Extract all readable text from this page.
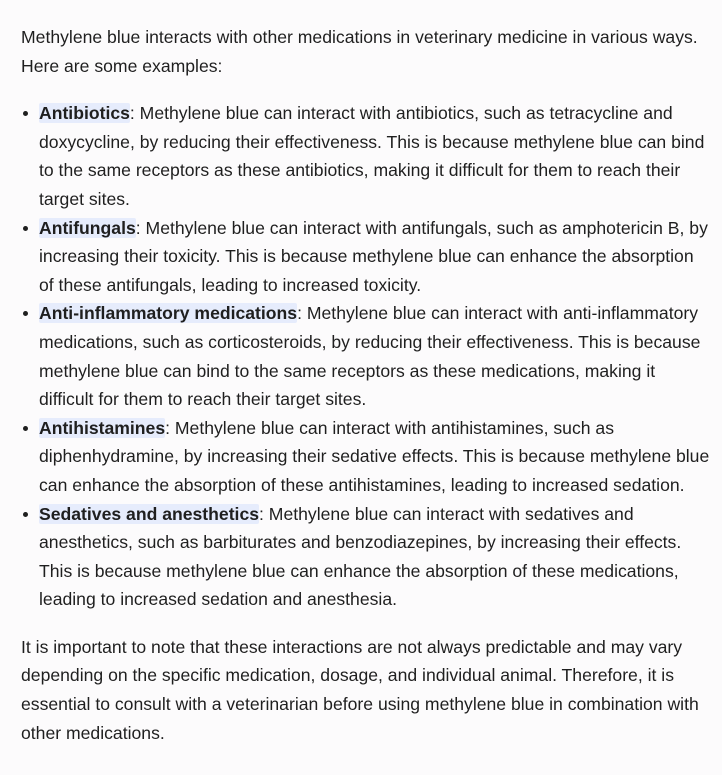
Methylene blue interacts with other medications in veterinary medicine in various ways. Here are some examples:

Antibiotics: Methylene blue can interact with antibiotics, such as tetracycline and doxycycline, by reducing their effectiveness. This is because methylene blue can bind to the same receptors as these antibiotics, making it difficult for them to reach their target sites.
Antifungals: Methylene blue can interact with antifungals, such as amphotericin B, by increasing their toxicity. This is because methylene blue can enhance the absorption of these antifungals, leading to increased toxicity.
Anti-inflammatory medications: Methylene blue can interact with anti-inflammatory medications, such as corticosteroids, by reducing their effectiveness. This is because methylene blue can bind to the same receptors as these medications, making it difficult for them to reach their target sites.
Antihistamines: Methylene blue can interact with antihistamines, such as diphenhydramine, by increasing their sedative effects. This is because methylene blue can enhance the absorption of these antihistamines, leading to increased sedation.
Sedatives and anesthetics: Methylene blue can interact with sedatives and anesthetics, such as barbiturates and benzodiazepines, by increasing their effects. This is because methylene blue can enhance the absorption of these medications, leading to increased sedation and anesthesia.

It is important to note that these interactions are not always predictable and may vary depending on the specific medication, dosage, and individual animal. Therefore, it is essential to consult with a veterinarian before using methylene blue in combination with other medications.
